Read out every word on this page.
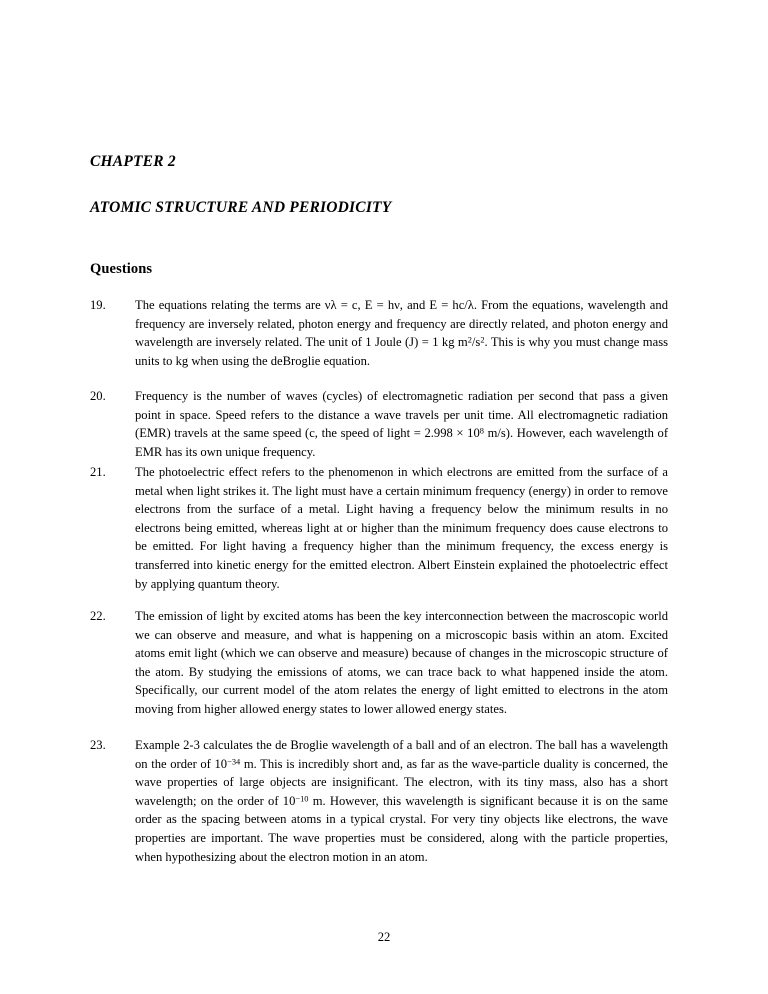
CHAPTER 2
ATOMIC STRUCTURE AND PERIODICITY
Questions
19.	The equations relating the terms are νλ = c, E = hν, and E = hc/λ. From the equations, wavelength and frequency are inversely related, photon energy and frequency are directly related, and photon energy and wavelength are inversely related. The unit of 1 Joule (J) = 1 kg $m^2/s^2$. This is why you must change mass units to kg when using the deBroglie equation.
20.	Frequency is the number of waves (cycles) of electromagnetic radiation per second that pass a given point in space. Speed refers to the distance a wave travels per unit time. All electromagnetic radiation (EMR) travels at the same speed (c, the speed of light = $2.998 \times 10^8$ m/s). However, each wavelength of EMR has its own unique frequency.
21.	The photoelectric effect refers to the phenomenon in which electrons are emitted from the surface of a metal when light strikes it. The light must have a certain minimum frequency (energy) in order to remove electrons from the surface of a metal. Light having a frequency below the minimum results in no electrons being emitted, whereas light at or higher than the minimum frequency does cause electrons to be emitted. For light having a frequency higher than the minimum frequency, the excess energy is transferred into kinetic energy for the emitted electron. Albert Einstein explained the photoelectric effect by applying quantum theory.
22.	The emission of light by excited atoms has been the key interconnection between the macroscopic world we can observe and measure, and what is happening on a microscopic basis within an atom. Excited atoms emit light (which we can observe and measure) because of changes in the microscopic structure of the atom. By studying the emissions of atoms, we can trace back to what happened inside the atom. Specifically, our current model of the atom relates the energy of light emitted to electrons in the atom moving from higher allowed energy states to lower allowed energy states.
23.	Example 2-3 calculates the de Broglie wavelength of a ball and of an electron. The ball has a wavelength on the order of $10^{-34}$ m. This is incredibly short and, as far as the wave-particle duality is concerned, the wave properties of large objects are insignificant. The electron, with its tiny mass, also has a short wavelength; on the order of $10^{-10}$ m. However, this wavelength is significant because it is on the same order as the spacing between atoms in a typical crystal. For very tiny objects like electrons, the wave properties are important. The wave properties must be considered, along with the particle properties, when hypothesizing about the electron motion in an atom.
22
